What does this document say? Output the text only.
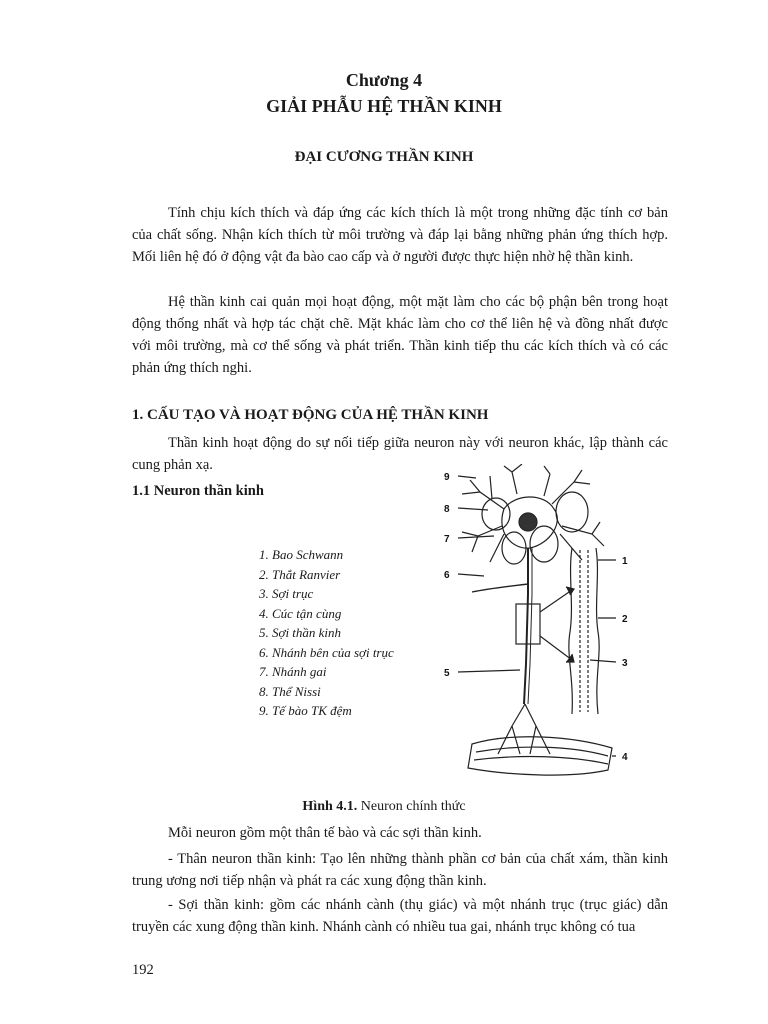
Chương 4
GIẢI PHẪU HỆ THẦN KINH
ĐẠI CƯƠNG THẦN KINH

Tính chịu kích thích và đáp ứng các kích thích là một trong những đặc tính cơ bản của chất sống. Nhận kích thích từ môi trường và đáp lại bằng những phản ứng thích hợp. Mối liên hệ đó ở động vật đa bào cao cấp và ở người được thực hiện nhờ hệ thần kinh.

Hệ thần kinh cai quản mọi hoạt động, một mặt làm cho các bộ phận bên trong hoạt động thống nhất và hợp tác chặt chẽ. Mặt khác làm cho cơ thể liên hệ và đồng nhất được với môi trường, mà cơ thể sống và phát triển. Thần kinh tiếp thu các kích thích và có các phản ứng thích nghi.

1. CẤU TẠO VÀ HOẠT ĐỘNG CỦA HỆ THẦN KINH

Thần kinh hoạt động do sự nối tiếp giữa neuron này với neuron khác, lập thành các cung phản xạ.

1.1 Neuron thần kinh
1. Bao Schwann
2. Thắt Ranvier
3. Sợi trục
4. Cúc tận cùng
5. Sợi thần kinh
6. Nhánh bên của sợi trục
7. Nhánh gai
8. Thể Nissi
9. Tế bào TK đệm
1
2
3
4
5
6
7
8
9
Hình 4.1. Neuron chính thức

Mỗi neuron gồm một thân tế bào và các sợi thần kinh.

- Thân neuron thần kinh: Tạo lên những thành phần cơ bản của chất xám, thần kinh trung ương nơi tiếp nhận và phát ra các xung động thần kinh.

- Sợi thần kinh: gồm các nhánh cành (thụ giác) và một nhánh trục (trục giác) dẫn truyền các xung động thần kinh. Nhánh cành có nhiều tua gai, nhánh trục không có tua

192
